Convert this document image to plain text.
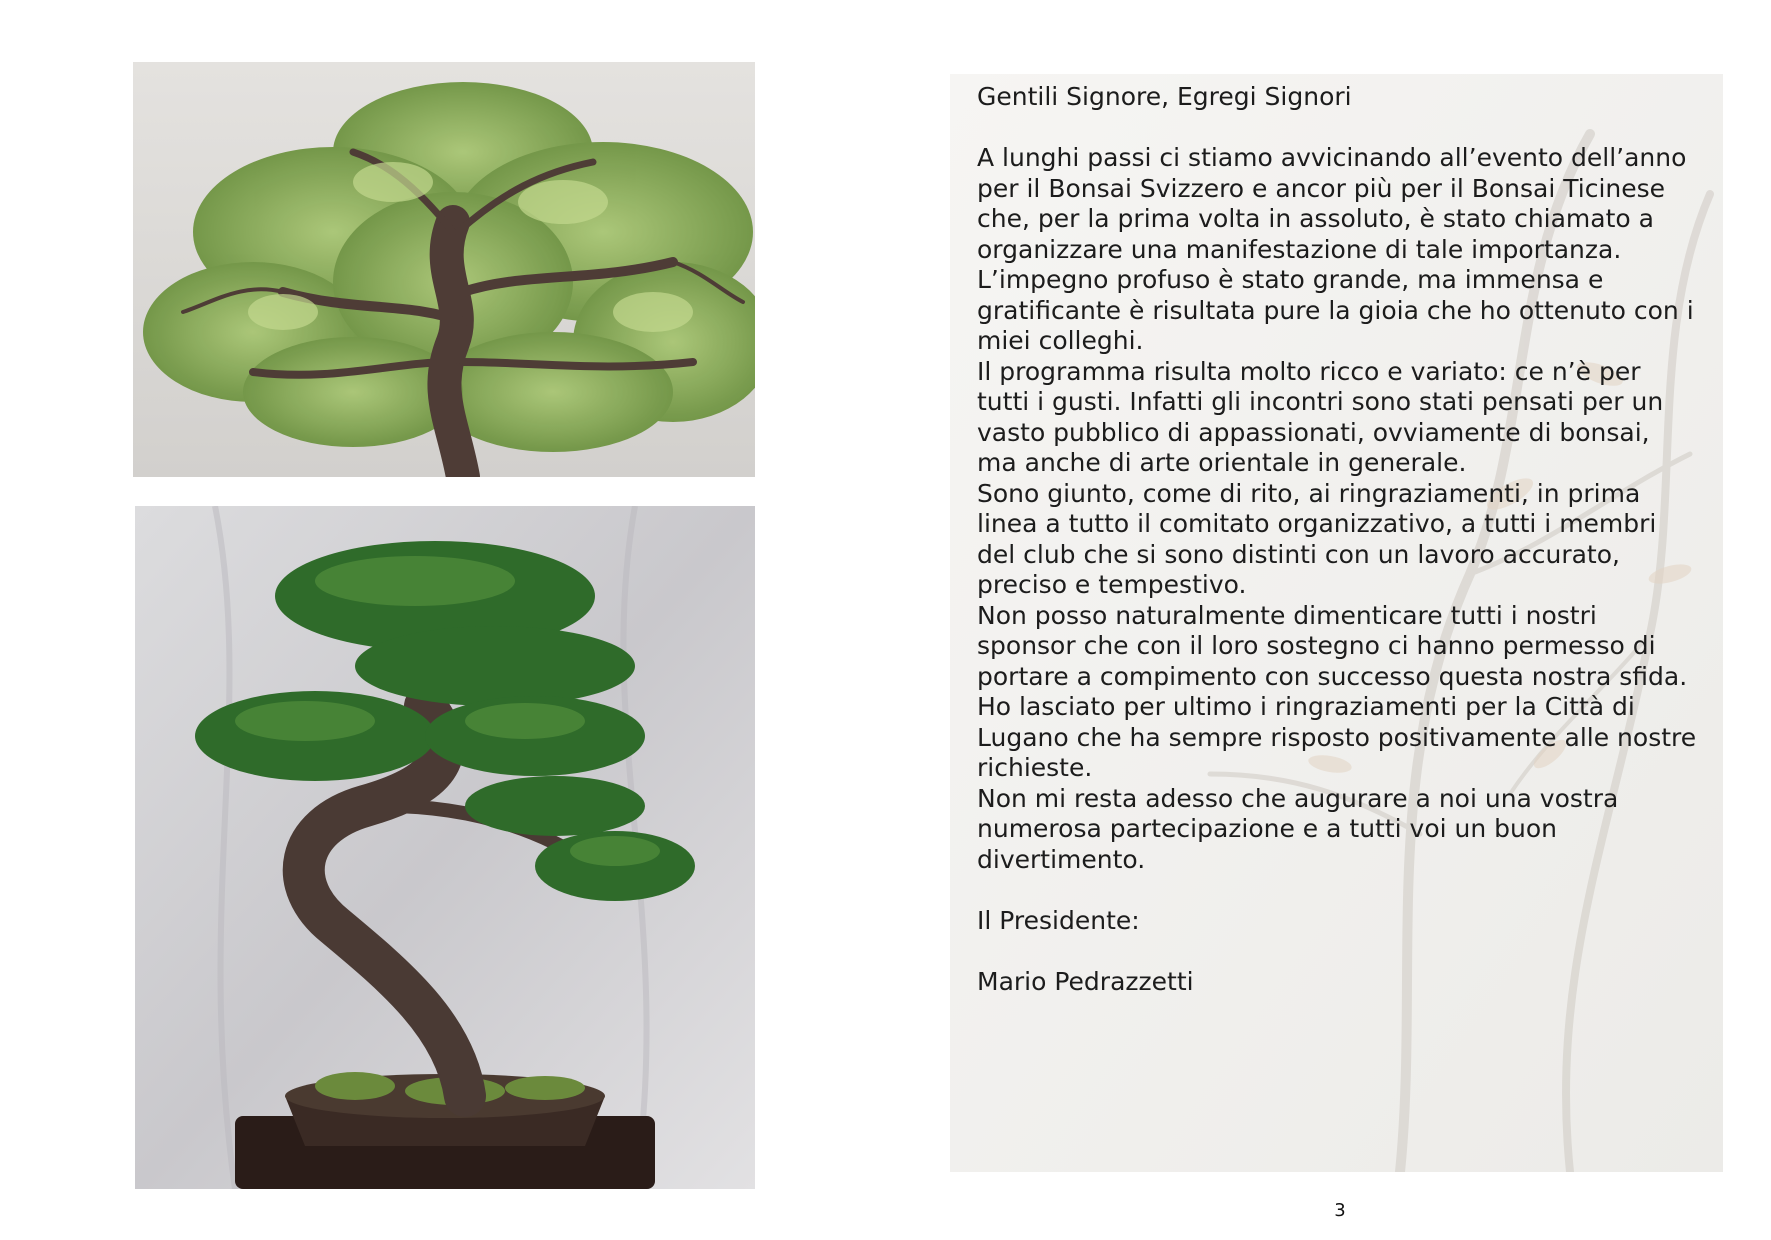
Gentili Signore, Egregi Signori

A lunghi passi ci stiamo avvicinando all’evento dell’anno per il Bonsai Svizzero e ancor più per il Bonsai Ticinese che, per la prima volta in assoluto, è stato chiamato a organizzare una manifestazione di tale importanza.

L’impegno profuso è stato grande, ma immensa e gratificante è risultata pure la gioia che ho ottenuto con i miei colleghi.

Il programma risulta molto ricco e variato: ce n’è per tutti i gusti. Infatti gli incontri sono stati pensati per un vasto pubblico di appassionati, ovviamente di bonsai, ma anche di arte orientale in generale.

Sono giunto, come di rito, ai ringraziamenti, in prima linea a tutto il comitato organizzativo, a tutti i membri del club che si sono distinti con un lavoro accurato, preciso e tempestivo.

Non posso naturalmente dimenticare tutti i nostri sponsor che con il loro sostegno ci hanno permesso di portare a compimento con successo questa nostra sfida.

Ho lasciato per ultimo i ringraziamenti per la Città di Lugano che ha sempre risposto positivamente alle nostre richieste.

Non mi resta adesso che augurare a noi una vostra numerosa partecipazione e a tutti voi un buon divertimento.

Il Presidente:

Mario Pedrazzetti

3
